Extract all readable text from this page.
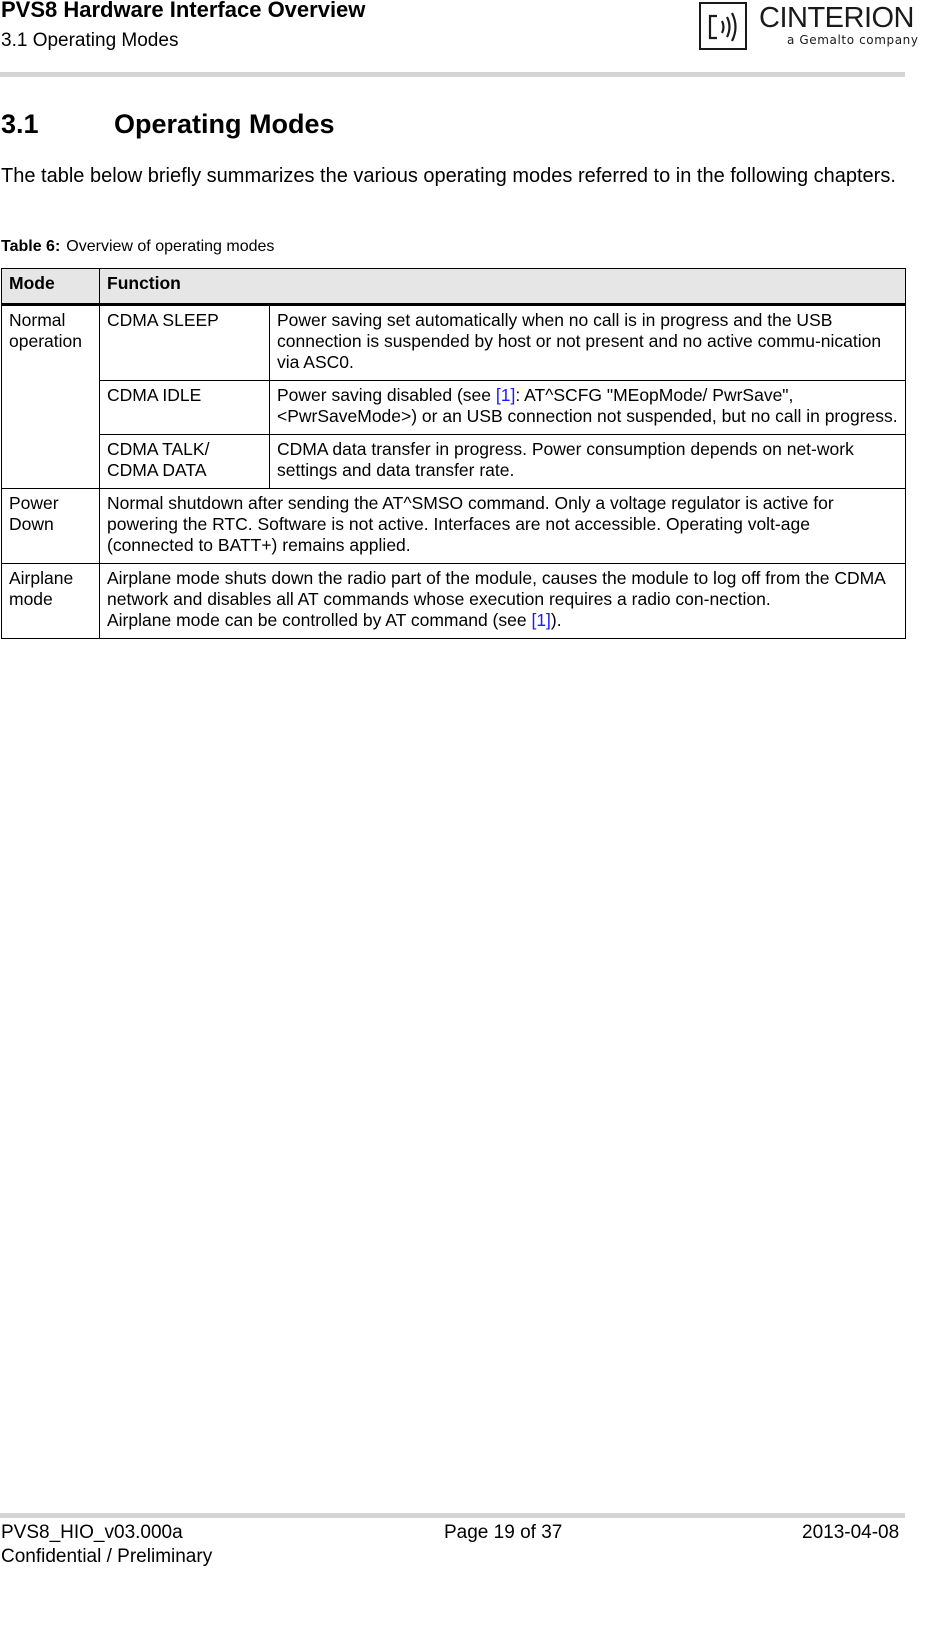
PVS8 Hardware Interface Overview
3.1 Operating Modes
CINTERION
a Gemalto company
3.1	Operating Modes
The table below briefly summarizes the various operating modes referred to in the following chapters.
Table 6: Overview of operating modes
Mode	Function	
Normal operation	CDMA SLEEP	Power saving set automatically when no call is in progress and the USB connection is suspended by host or not present and no active commu-nication via ASC0.
	CDMA IDLE	Power saving disabled (see [1]: AT^SCFG "MEopMode/ PwrSave",<PwrSaveMode>) or an USB connection not suspended, but no call in progress.
	CDMA TALK/ CDMA DATA	CDMA data transfer in progress. Power consumption depends on net-work settings and data transfer rate.
Power Down	Normal shutdown after sending the AT^SMSO command. Only a voltage regulator is active for powering the RTC. Software is not active. Interfaces are not accessible. Operating volt-age (connected to BATT+) remains applied.	
Airplane mode	Airplane mode shuts down the radio part of the module, causes the module to log off from the CDMA network and disables all AT commands whose execution requires a radio con-nection.
Airplane mode can be controlled by AT command (see [1]).	
PVS8_HIO_v03.000a	Page 19 of 37	2013-04-08
Confidential / Preliminary
